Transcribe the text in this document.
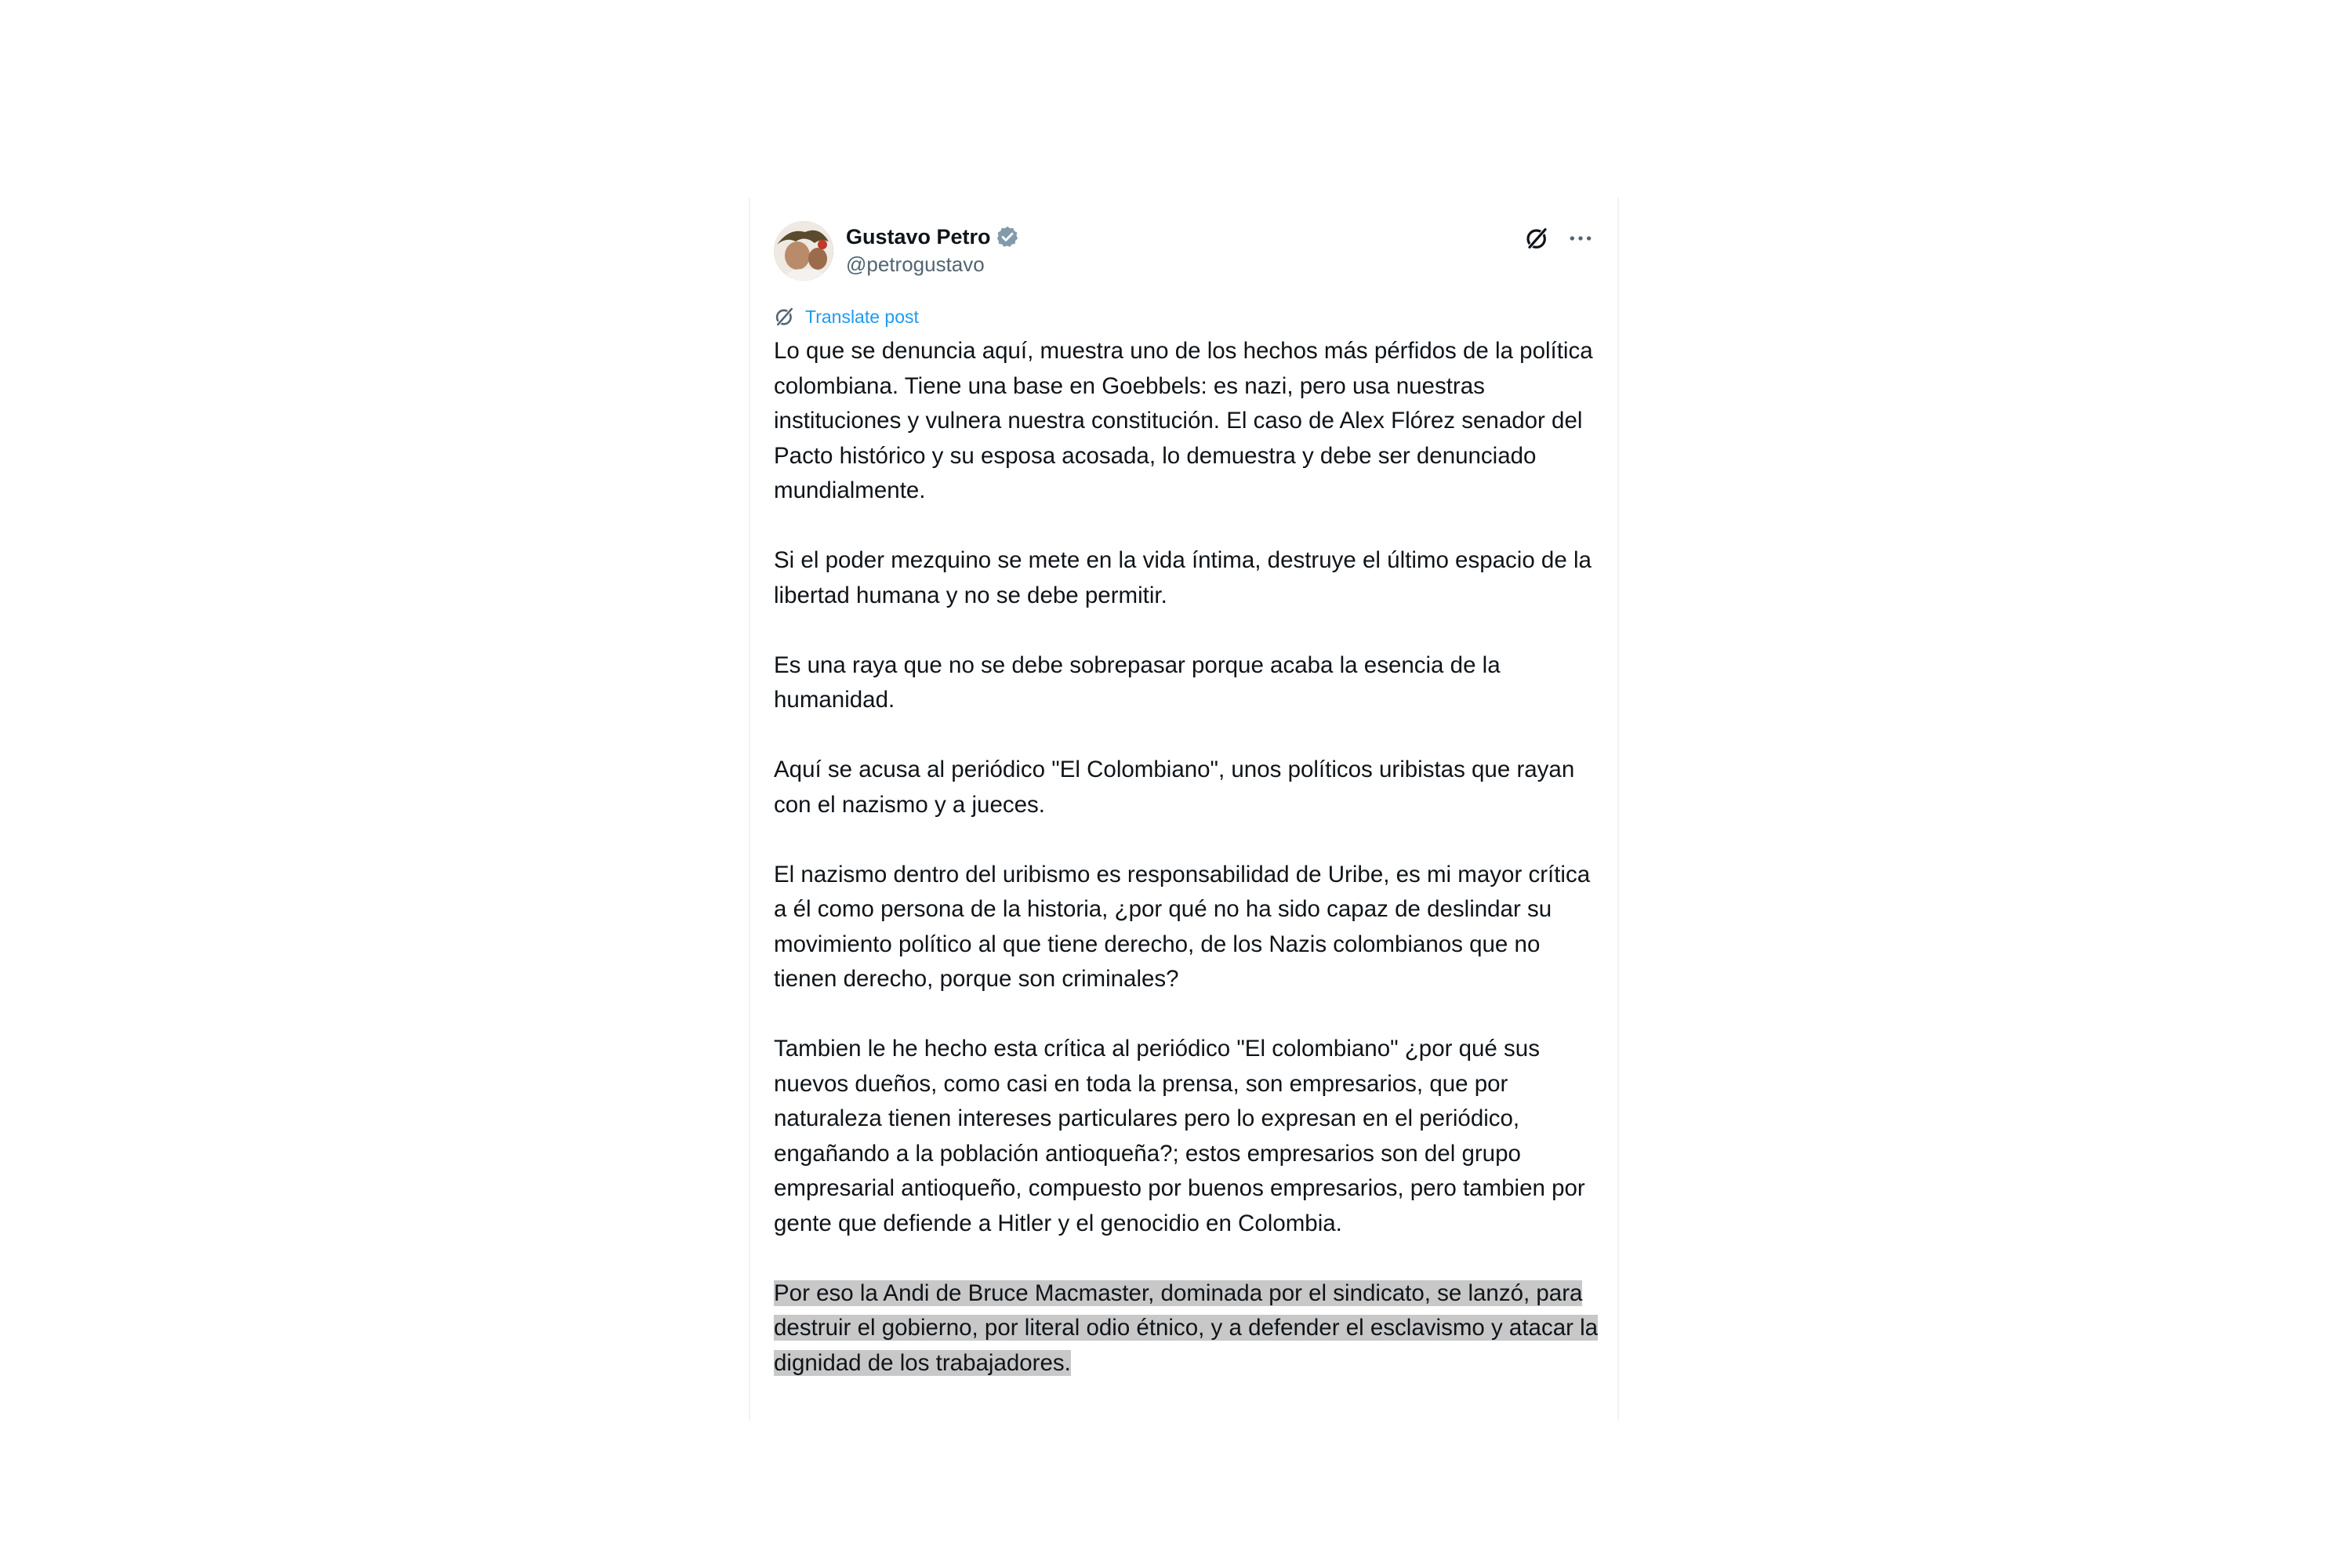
Gustavo Petro
@petrogustavo
Translate post

Lo que se denuncia aquí, muestra uno de los hechos más pérfidos de la política colombiana. Tiene una base en Goebbels: es nazi, pero usa nuestras instituciones y vulnera nuestra constitución. El caso de Alex Flórez senador del Pacto histórico y su esposa acosada, lo demuestra y debe ser denunciado mundialmente.

Si el poder mezquino se mete en la vida íntima, destruye el último espacio de la libertad humana y no se debe permitir.

Es una raya que no se debe sobrepasar porque acaba la esencia de la humanidad.

Aquí se acusa al periódico "El Colombiano", unos políticos uribistas que rayan con el nazismo y a jueces.

El nazismo dentro del uribismo es responsabilidad de Uribe, es mi mayor crítica a él como persona de la historia, ¿por qué no ha sido capaz de deslindar su movimiento político al que tiene derecho, de los Nazis colombianos que no tienen derecho, porque son criminales?

Tambien le he hecho esta crítica al periódico "El colombiano" ¿por qué sus nuevos dueños, como casi en toda la prensa, son empresarios, que por naturaleza tienen intereses particulares pero lo expresan en el periódico, engañando a la población antioqueña?; estos empresarios son del grupo empresarial antioqueño, compuesto por buenos empresarios, pero tambien por gente que defiende a Hitler y el genocidio en Colombia.

Por eso la Andi de Bruce Macmaster, dominada por el sindicato, se lanzó, para destruir el gobierno, por literal odio étnico, y a defender el esclavismo y atacar la dignidad de los trabajadores.
